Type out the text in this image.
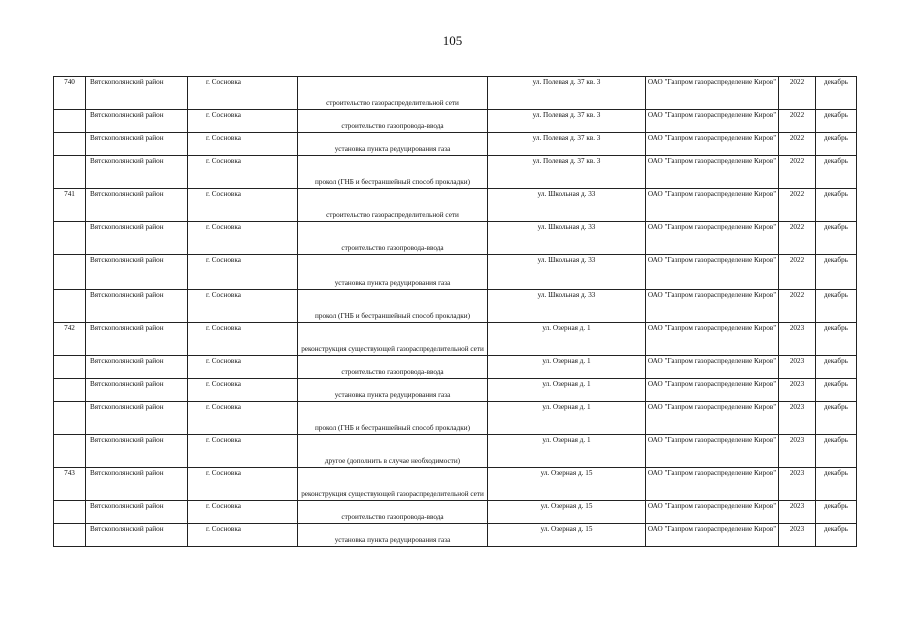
105
740	Вятскополянский район	г. Сосновка	строительство газораспределительной сети	ул. Полевая д. 37 кв. 3	ОАО "Газпром газораспределение Киров"	2022	декабрь
	Вятскополянский район	г. Сосновка	строительство газопровода-ввода	ул. Полевая д. 37 кв. 3	ОАО "Газпром газораспределение Киров"	2022	декабрь
	Вятскополянский район	г. Сосновка	установка пункта редуцирования газа	ул. Полевая д. 37 кв. 3	ОАО "Газпром газораспределение Киров"	2022	декабрь
	Вятскополянский район	г. Сосновка	прокол (ГНБ и бестраншейный способ прокладки)	ул. Полевая д. 37 кв. 3	ОАО "Газпром газораспределение Киров"	2022	декабрь
741	Вятскополянский район	г. Сосновка	строительство газораспределительной сети	ул. Школьная д. 33	ОАО "Газпром газораспределение Киров"	2022	декабрь
	Вятскополянский район	г. Сосновка	строительство газопровода-ввода	ул. Школьная д. 33	ОАО "Газпром газораспределение Киров"	2022	декабрь
	Вятскополянский район	г. Сосновка	установка пункта редуцирования газа	ул. Школьная д. 33	ОАО "Газпром газораспределение Киров"	2022	декабрь
	Вятскополянский район	г. Сосновка	прокол (ГНБ и бестраншейный способ прокладки)	ул. Школьная д. 33	ОАО "Газпром газораспределение Киров"	2022	декабрь
742	Вятскополянский район	г. Сосновка	реконструкция существующей газораспределительной сети	ул. Озерная д. 1	ОАО "Газпром газораспределение Киров"	2023	декабрь
	Вятскополянский район	г. Сосновка	строительство газопровода-ввода	ул. Озерная д. 1	ОАО "Газпром газораспределение Киров"	2023	декабрь
	Вятскополянский район	г. Сосновка	установка пункта редуцирования газа	ул. Озерная д. 1	ОАО "Газпром газораспределение Киров"	2023	декабрь
	Вятскополянский район	г. Сосновка	прокол (ГНБ и бестраншейный способ прокладки)	ул. Озерная д. 1	ОАО "Газпром газораспределение Киров"	2023	декабрь
	Вятскополянский район	г. Сосновка	другое (дополнить в случае необходимости)	ул. Озерная д. 1	ОАО "Газпром газораспределение Киров"	2023	декабрь
743	Вятскополянский район	г. Сосновка	реконструкция существующей газораспределительной сети	ул. Озерная д. 15	ОАО "Газпром газораспределение Киров"	2023	декабрь
	Вятскополянский район	г. Сосновка	строительство газопровода-ввода	ул. Озерная д. 15	ОАО "Газпром газораспределение Киров"	2023	декабрь
	Вятскополянский район	г. Сосновка	установка пункта редуцирования газа	ул. Озерная д. 15	ОАО "Газпром газораспределение Киров"	2023	декабрь
